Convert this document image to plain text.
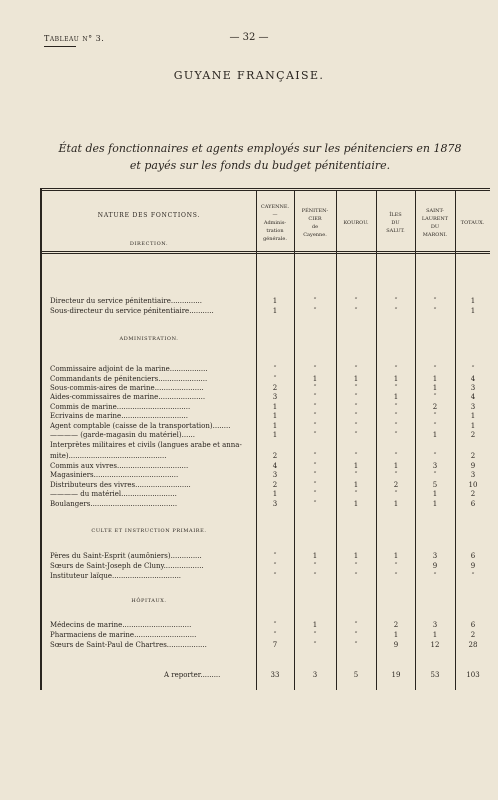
Tableau n° 3.	— 32 —
GUYANE FRANÇAISE.
État des fonctionnaires et agents employés sur les pénitenciers en 1878
et payés sur les fonds du budget pénitentiaire.
NATURE DES FONCTIONS.
CAYENNE.
—
Adminis-
tration
générale.
PÉNITEN-
CIER
de
Cayenne.
KOUROU.
ÎLES
DU
SALUT.
SAINT-
LAURENT
DU
MARONI.
TOTAUX.
DIRECTION.
Directeur du service pénitentiaire..............	1	″	″	″	″	1
Sous-directeur du service pénitentiaire...........	1	″	″	″	″	1
ADMINISTRATION.
Commissaire adjoint de la marine.................	″	″	″	″	″	″
Commandants de pénitenciers......................	″	1	1	1	1	4
Sous-commis-aires de marine......................	2	″	″	″	1	3
Aides-commissaires de marine.....................	3	″	″	1	″	4
Commis de marine.................................	1	″	″	″	2	3
Écrivains de marine..............................	1	″	″	″	″	1
Agent comptable (caisse de la transportation)........	1	″	″	″	″	1
———— (garde-magasin du matériel)......	1	″	″	″	1	2
Interprètes militaires et civils (langues arabe et anna-
mite)............................................	2	″	″	″	″	2
Commis aux vivres................................	4	″	1	1	3	9
Magasiniers......................................	3	″	″	″	″	3
Distributeurs des vivres.........................	2	″	1	2	5	10
———— du matériel.........................	1	″	″	″	1	2
Boulangers.......................................	3	″	1	1	1	6
CULTE ET INSTRUCTION PRIMAIRE.
Pères du Saint-Esprit (aumôniers)..............	″	1	1	1	3	6
Sœurs de Saint-Joseph de Cluny..................	″	″	″	″	9	9
Instituteur laïque...............................	″	″	″	″	″	″
HÔPITAUX.
Médecins de marine...............................	″	1	″	2	3	6
Pharmaciens de marine............................	″	″	″	1	1	2
Sœurs de Saint-Paul de Chartres..................	7	″	″	9	12	28
A reporter.........	33	3	5	19	53	103
